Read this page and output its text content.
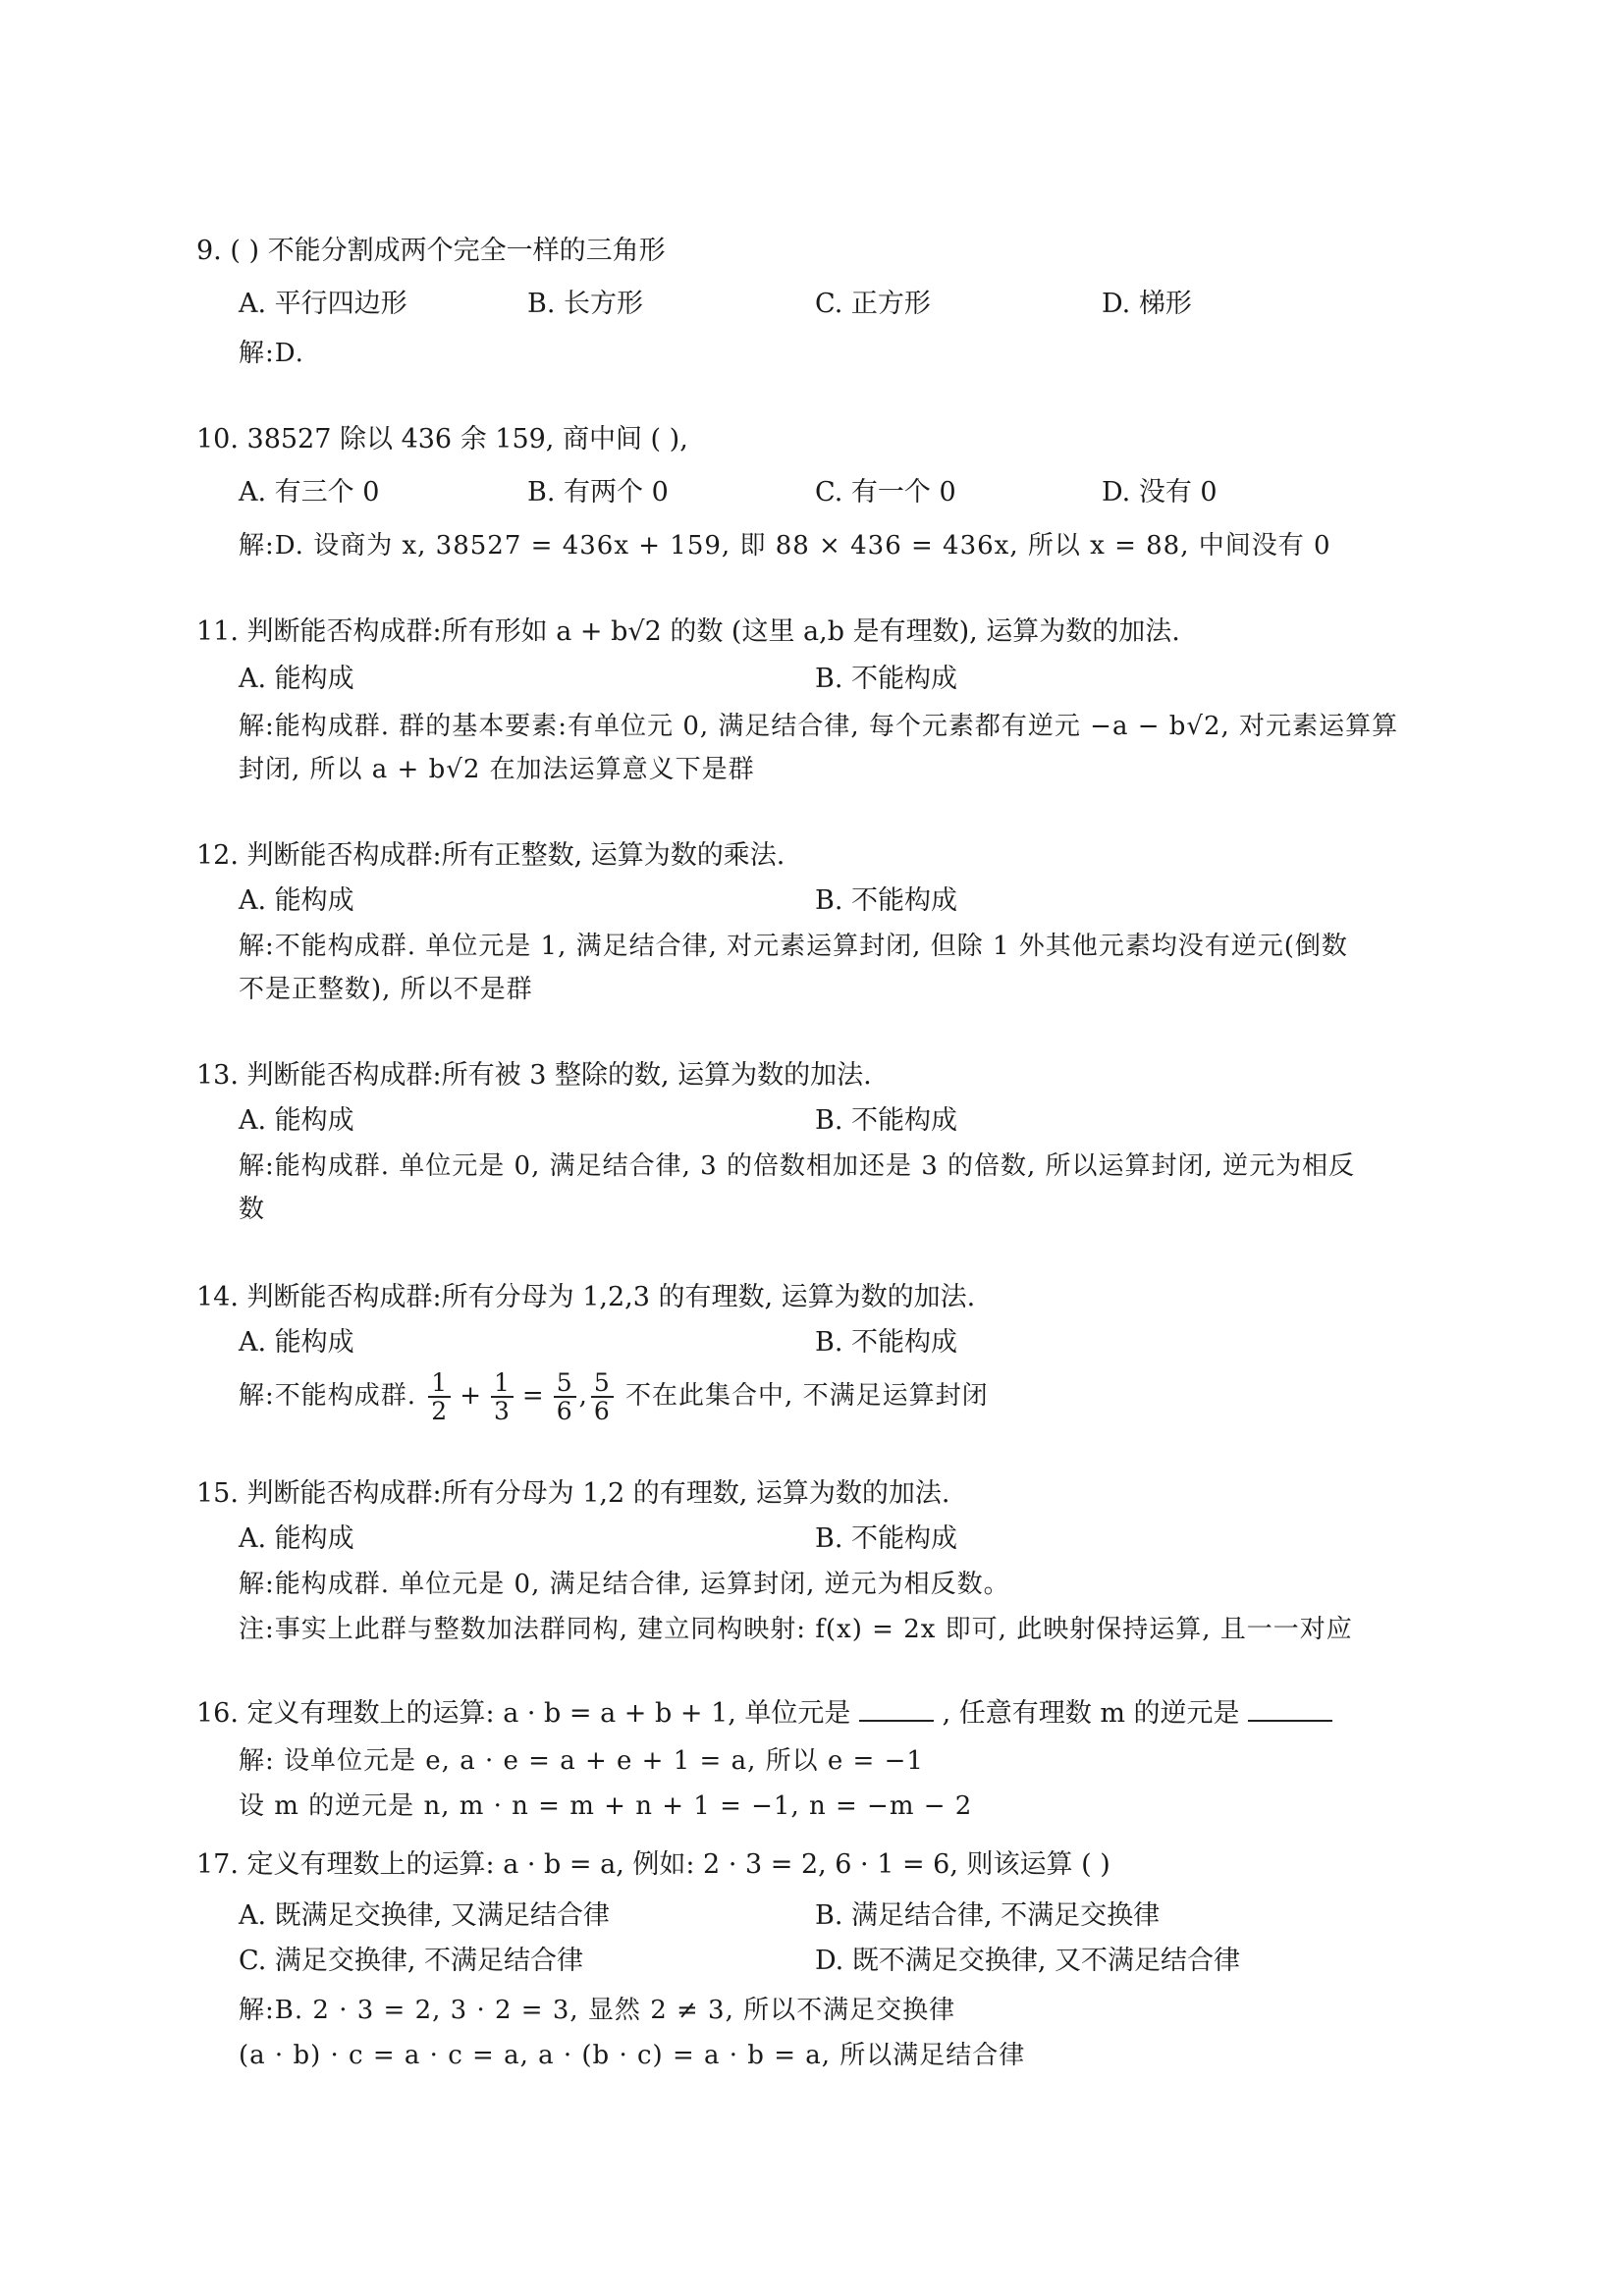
9. ( ) 不能分割成两个完全一样的三角形
A. 平行四边形	B. 长方形	C. 正方形	D. 梯形
解:D.
10. 38527 除以 436 余 159, 商中间 ( ),
A. 有三个 0	B. 有两个 0	C. 有一个 0	D. 没有 0
解:D. 设商为 x, 38527 = 436x + 159, 即 88 × 436 = 436x, 所以 x = 88, 中间没有 0
11. 判断能否构成群:所有形如 a + b√2 的数 (这里 a,b 是有理数), 运算为数的加法.
A. 能构成	B. 不能构成
解:能构成群. 群的基本要素:有单位元 0, 满足结合律, 每个元素都有逆元 −a − b√2, 对元素运算算
封闭, 所以 a + b√2 在加法运算意义下是群
12. 判断能否构成群:所有正整数, 运算为数的乘法.
A. 能构成	B. 不能构成
解:不能构成群. 单位元是 1, 满足结合律, 对元素运算封闭, 但除 1 外其他元素均没有逆元(倒数
不是正整数), 所以不是群
13. 判断能否构成群:所有被 3 整除的数, 运算为数的加法.
A. 能构成	B. 不能构成
解:能构成群. 单位元是 0, 满足结合律, 3 的倍数相加还是 3 的倍数, 所以运算封闭, 逆元为相反
数
14. 判断能否构成群:所有分母为 1,2,3 的有理数, 运算为数的加法.
A. 能构成	B. 不能构成
解:不能构成群. $\frac{1}{2} + \frac{1}{3} = \frac{5}{6}$ , $\frac{5}{6}$ 不在此集合中, 不满足运算封闭
15. 判断能否构成群:所有分母为 1,2 的有理数, 运算为数的加法.
A. 能构成	B. 不能构成
解:能构成群. 单位元是 0, 满足结合律, 运算封闭, 逆元为相反数。
注:事实上此群与整数加法群同构, 建立同构映射: f(x) = 2x 即可, 此映射保持运算, 且一一对应
16. 定义有理数上的运算: a · b = a + b + 1, 单位元是	, 任意有理数 m 的逆元是
解: 设单位元是 e, a · e = a + e + 1 = a, 所以 e = −1
设 m 的逆元是 n, m · n = m + n + 1 = −1, n = −m − 2
17. 定义有理数上的运算: a · b = a, 例如: 2 · 3 = 2, 6 · 1 = 6, 则该运算 ( )
A. 既满足交换律, 又满足结合律	B. 满足结合律, 不满足交换律
C. 满足交换律, 不满足结合律	D. 既不满足交换律, 又不满足结合律
解:B. 2 · 3 = 2, 3 · 2 = 3, 显然 2 ≠ 3, 所以不满足交换律
(a · b) · c = a · c = a, a · (b · c) = a · b = a, 所以满足结合律
